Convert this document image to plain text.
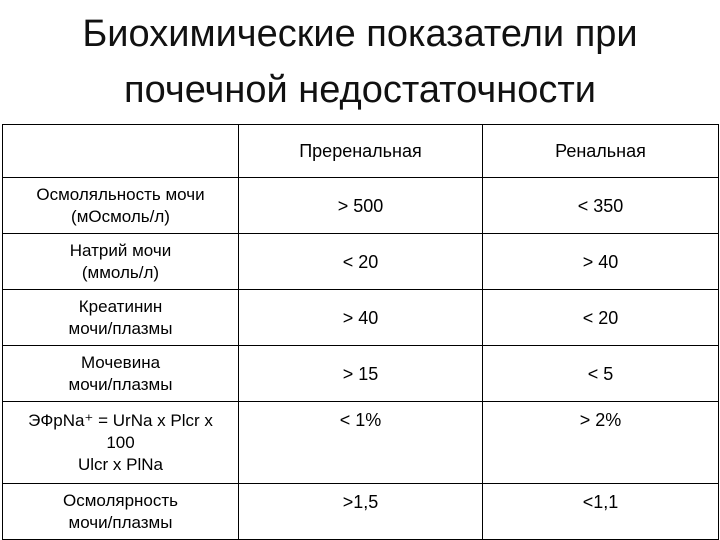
Биохимические показатели при
почечной недостаточности
	Преренальная	Ренальная

Осмоляльность мочи
(мОсмоль/л)	> 500	< 350

Натрий мочи
(ммоль/л)	< 20	> 40

Креатинин
мочи/плазмы	> 40	< 20

Мочевина
мочи/плазмы	> 15	< 5

ЭФрNa⁺ = UrNa x Plcr x
100
Ulcr x PlNa	< 1%	> 2%

Осмолярность
мочи/плазмы	>1,5	<1,1
